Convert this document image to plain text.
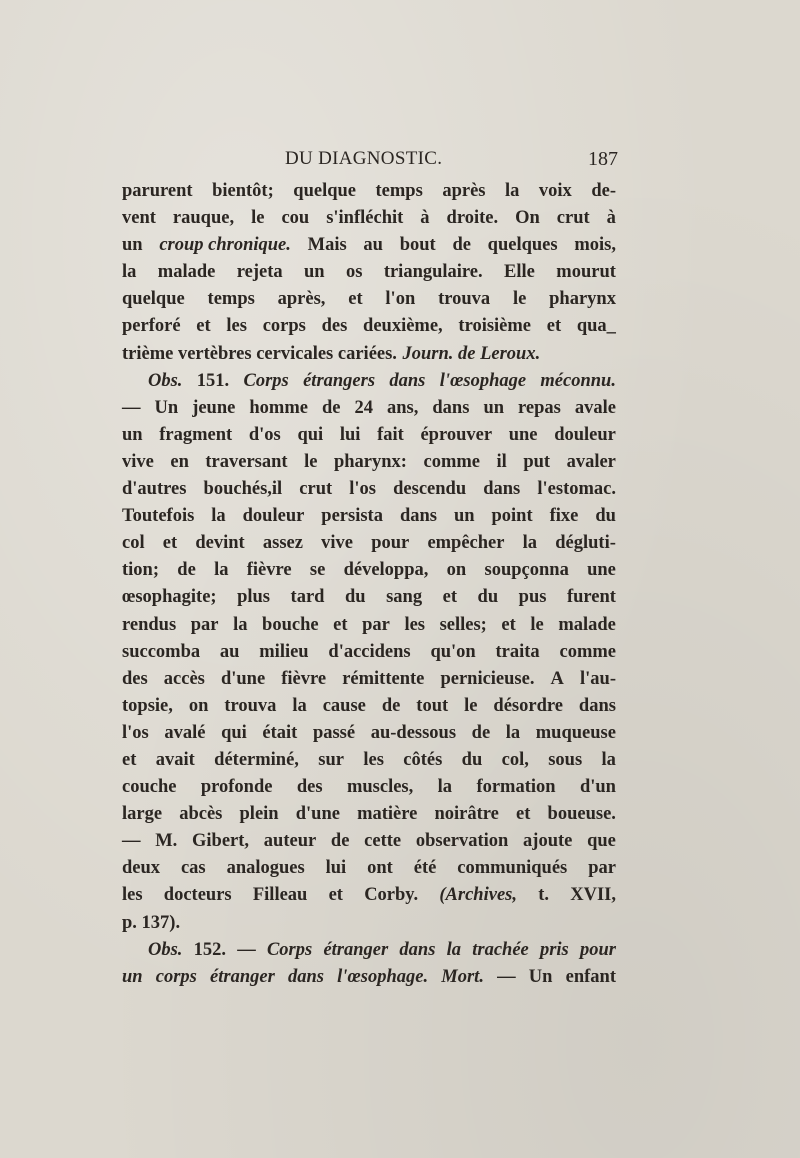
DU DIAGNOSTIC.	187
parurent bientôt; quelque temps après la voix de-
vent rauque, le cou s'infléchit à droite. On crut à
un croup chronique. Mais au bout de quelques mois,
la malade rejeta un os triangulaire. Elle mourut
quelque temps après, et l'on trouva le pharynx
perforé et les corps des deuxième, troisième et qua_
trième vertèbres cervicales cariées. Journ. de Leroux.
Obs. 151. Corps étrangers dans l'œsophage méconnu.
— Un jeune homme de 24 ans, dans un repas avale
un fragment d'os qui lui fait éprouver une douleur
vive en traversant le pharynx: comme il put avaler
d'autres bouchés,il crut l'os descendu dans l'estomac.
Toutefois la douleur persista dans un point fixe du
col et devint assez vive pour empêcher la dégluti-
tion; de la fièvre se développa, on soupçonna une
œsophagite; plus tard du sang et du pus furent
rendus par la bouche et par les selles; et le malade
succomba au milieu d'accidens qu'on traita comme
des accès d'une fièvre rémittente pernicieuse. A l'au-
topsie, on trouva la cause de tout le désordre dans
l'os avalé qui était passé au-dessous de la muqueuse
et avait déterminé, sur les côtés du col, sous la
couche profonde des muscles, la formation d'un
large abcès plein d'une matière noirâtre et boueuse.
— M. Gibert, auteur de cette observation ajoute que
deux cas analogues lui ont été communiqués par
les docteurs Filleau et Corby. (Archives, t. XVII,
p. 137).
Obs. 152. — Corps étranger dans la trachée pris pour
un corps étranger dans l'œsophage. Mort. — Un enfant
